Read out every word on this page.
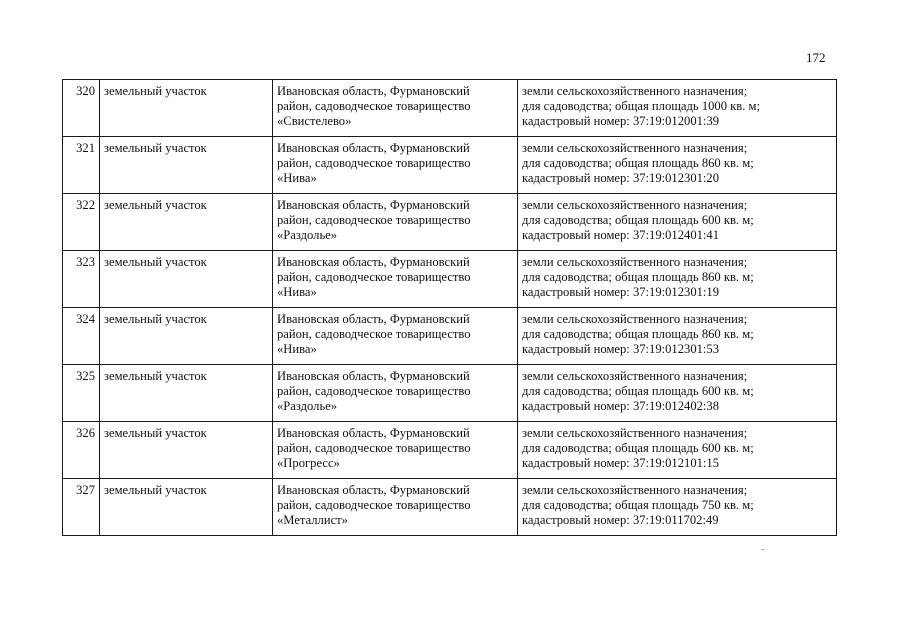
172
320	земельный участок	Ивановская область, Фурмановский
район, садоводческое товарищество
«Свистелево»	земли сельскохозяйственного назначения;
для садоводства; общая площадь 1000 кв. м;
кадастровый номер: 37:19:012001:39

321	земельный участок	Ивановская область, Фурмановский
район, садоводческое товарищество
«Нива»	земли сельскохозяйственного назначения;
для садоводства; общая площадь 860 кв. м;
кадастровый номер: 37:19:012301:20

322	земельный участок	Ивановская область, Фурмановский
район, садоводческое товарищество
«Раздолье»	земли сельскохозяйственного назначения;
для садоводства; общая площадь 600 кв. м;
кадастровый номер: 37:19:012401:41

323	земельный участок	Ивановская область, Фурмановский
район, садоводческое товарищество
«Нива»	земли сельскохозяйственного назначения;
для садоводства; общая площадь 860 кв. м;
кадастровый номер: 37:19:012301:19

324	земельный участок	Ивановская область, Фурмановский
район, садоводческое товарищество
«Нива»	земли сельскохозяйственного назначения;
для садоводства; общая площадь 860 кв. м;
кадастровый номер: 37:19:012301:53

325	земельный участок	Ивановская область, Фурмановский
район, садоводческое товарищество
«Раздолье»	земли сельскохозяйственного назначения;
для садоводства; общая площадь 600 кв. м;
кадастровый номер: 37:19:012402:38

326	земельный участок	Ивановская область, Фурмановский
район, садоводческое товарищество
«Прогресс»	земли сельскохозяйственного назначения;
для садоводства; общая площадь 600 кв. м;
кадастровый номер: 37:19:012101:15

327	земельный участок	Ивановская область, Фурмановский
район, садоводческое товарищество
«Металлист»	земли сельскохозяйственного назначения;
для садоводства; общая площадь 750 кв. м;
кадастровый номер: 37:19:011702:49
